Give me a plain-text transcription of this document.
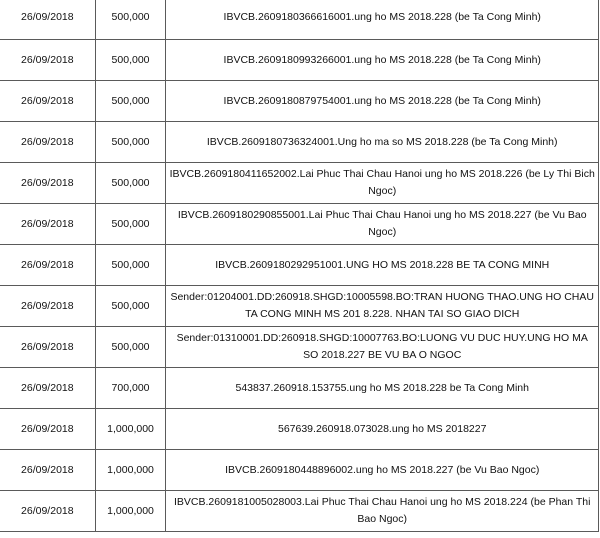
26/09/2018	500,000	IBVCB.2609180366616001.ung ho MS 2018.228 (be Ta Cong Minh)
26/09/2018	500,000	IBVCB.2609180993266001.ung ho MS 2018.228 (be Ta Cong Minh)
26/09/2018	500,000	IBVCB.2609180879754001.ung ho MS 2018.228 (be Ta Cong Minh)
26/09/2018	500,000	IBVCB.2609180736324001.Ung ho ma so MS 2018.228 (be Ta Cong Minh)
26/09/2018	500,000	IBVCB.2609180411652002.Lai Phuc Thai Chau Hanoi ung ho MS 2018.226 (be Ly Thi Bich Ngoc)
26/09/2018	500,000	IBVCB.2609180290855001.Lai Phuc Thai Chau Hanoi ung ho MS 2018.227 (be Vu Bao Ngoc)
26/09/2018	500,000	IBVCB.2609180292951001.UNG HO MS 2018.228 BE TA CONG MINH
26/09/2018	500,000	Sender:01204001.DD:260918.SHGD:10005598.BO:TRAN HUONG THAO.UNG HO CHAU TA CONG MINH MS 201 8.228. NHAN TAI SO GIAO DICH
26/09/2018	500,000	Sender:01310001.DD:260918.SHGD:10007763.BO:LUONG VU DUC HUY.UNG HO MA SO 2018.227 BE VU BA O NGOC
26/09/2018	700,000	543837.260918.153755.ung ho MS 2018.228 be Ta Cong Minh
26/09/2018	1,000,000	567639.260918.073028.ung ho MS 2018227
26/09/2018	1,000,000	IBVCB.2609180448896002.ung ho MS 2018.227 (be Vu Bao Ngoc)
26/09/2018	1,000,000	IBVCB.2609181005028003.Lai Phuc Thai Chau Hanoi ung ho MS 2018.224 (be Phan Thi Bao Ngoc)
